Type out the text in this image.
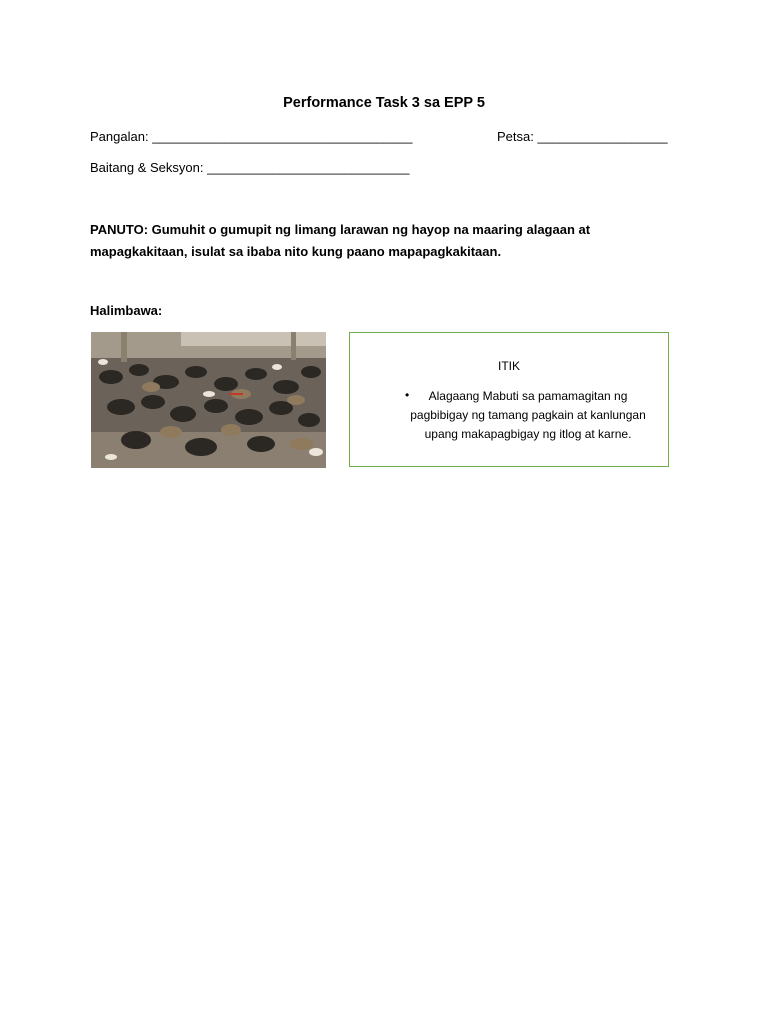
Performance Task 3 sa EPP 5
Pangalan: ____________________________________	Petsa: __________________
Baitang & Seksyon: ____________________________
PANUTO: Gumuhit o gumupit ng limang larawan ng hayop na maaring alagaan at mapagkakitaan, isulat sa ibaba nito kung paano mapapagkakitaan.
Halimbawa:
ITIK
•	Alagaang Mabuti sa pamamagitan ng pagbibigay ng tamang pagkain at kanlungan upang makapagbigay ng itlog at karne.
